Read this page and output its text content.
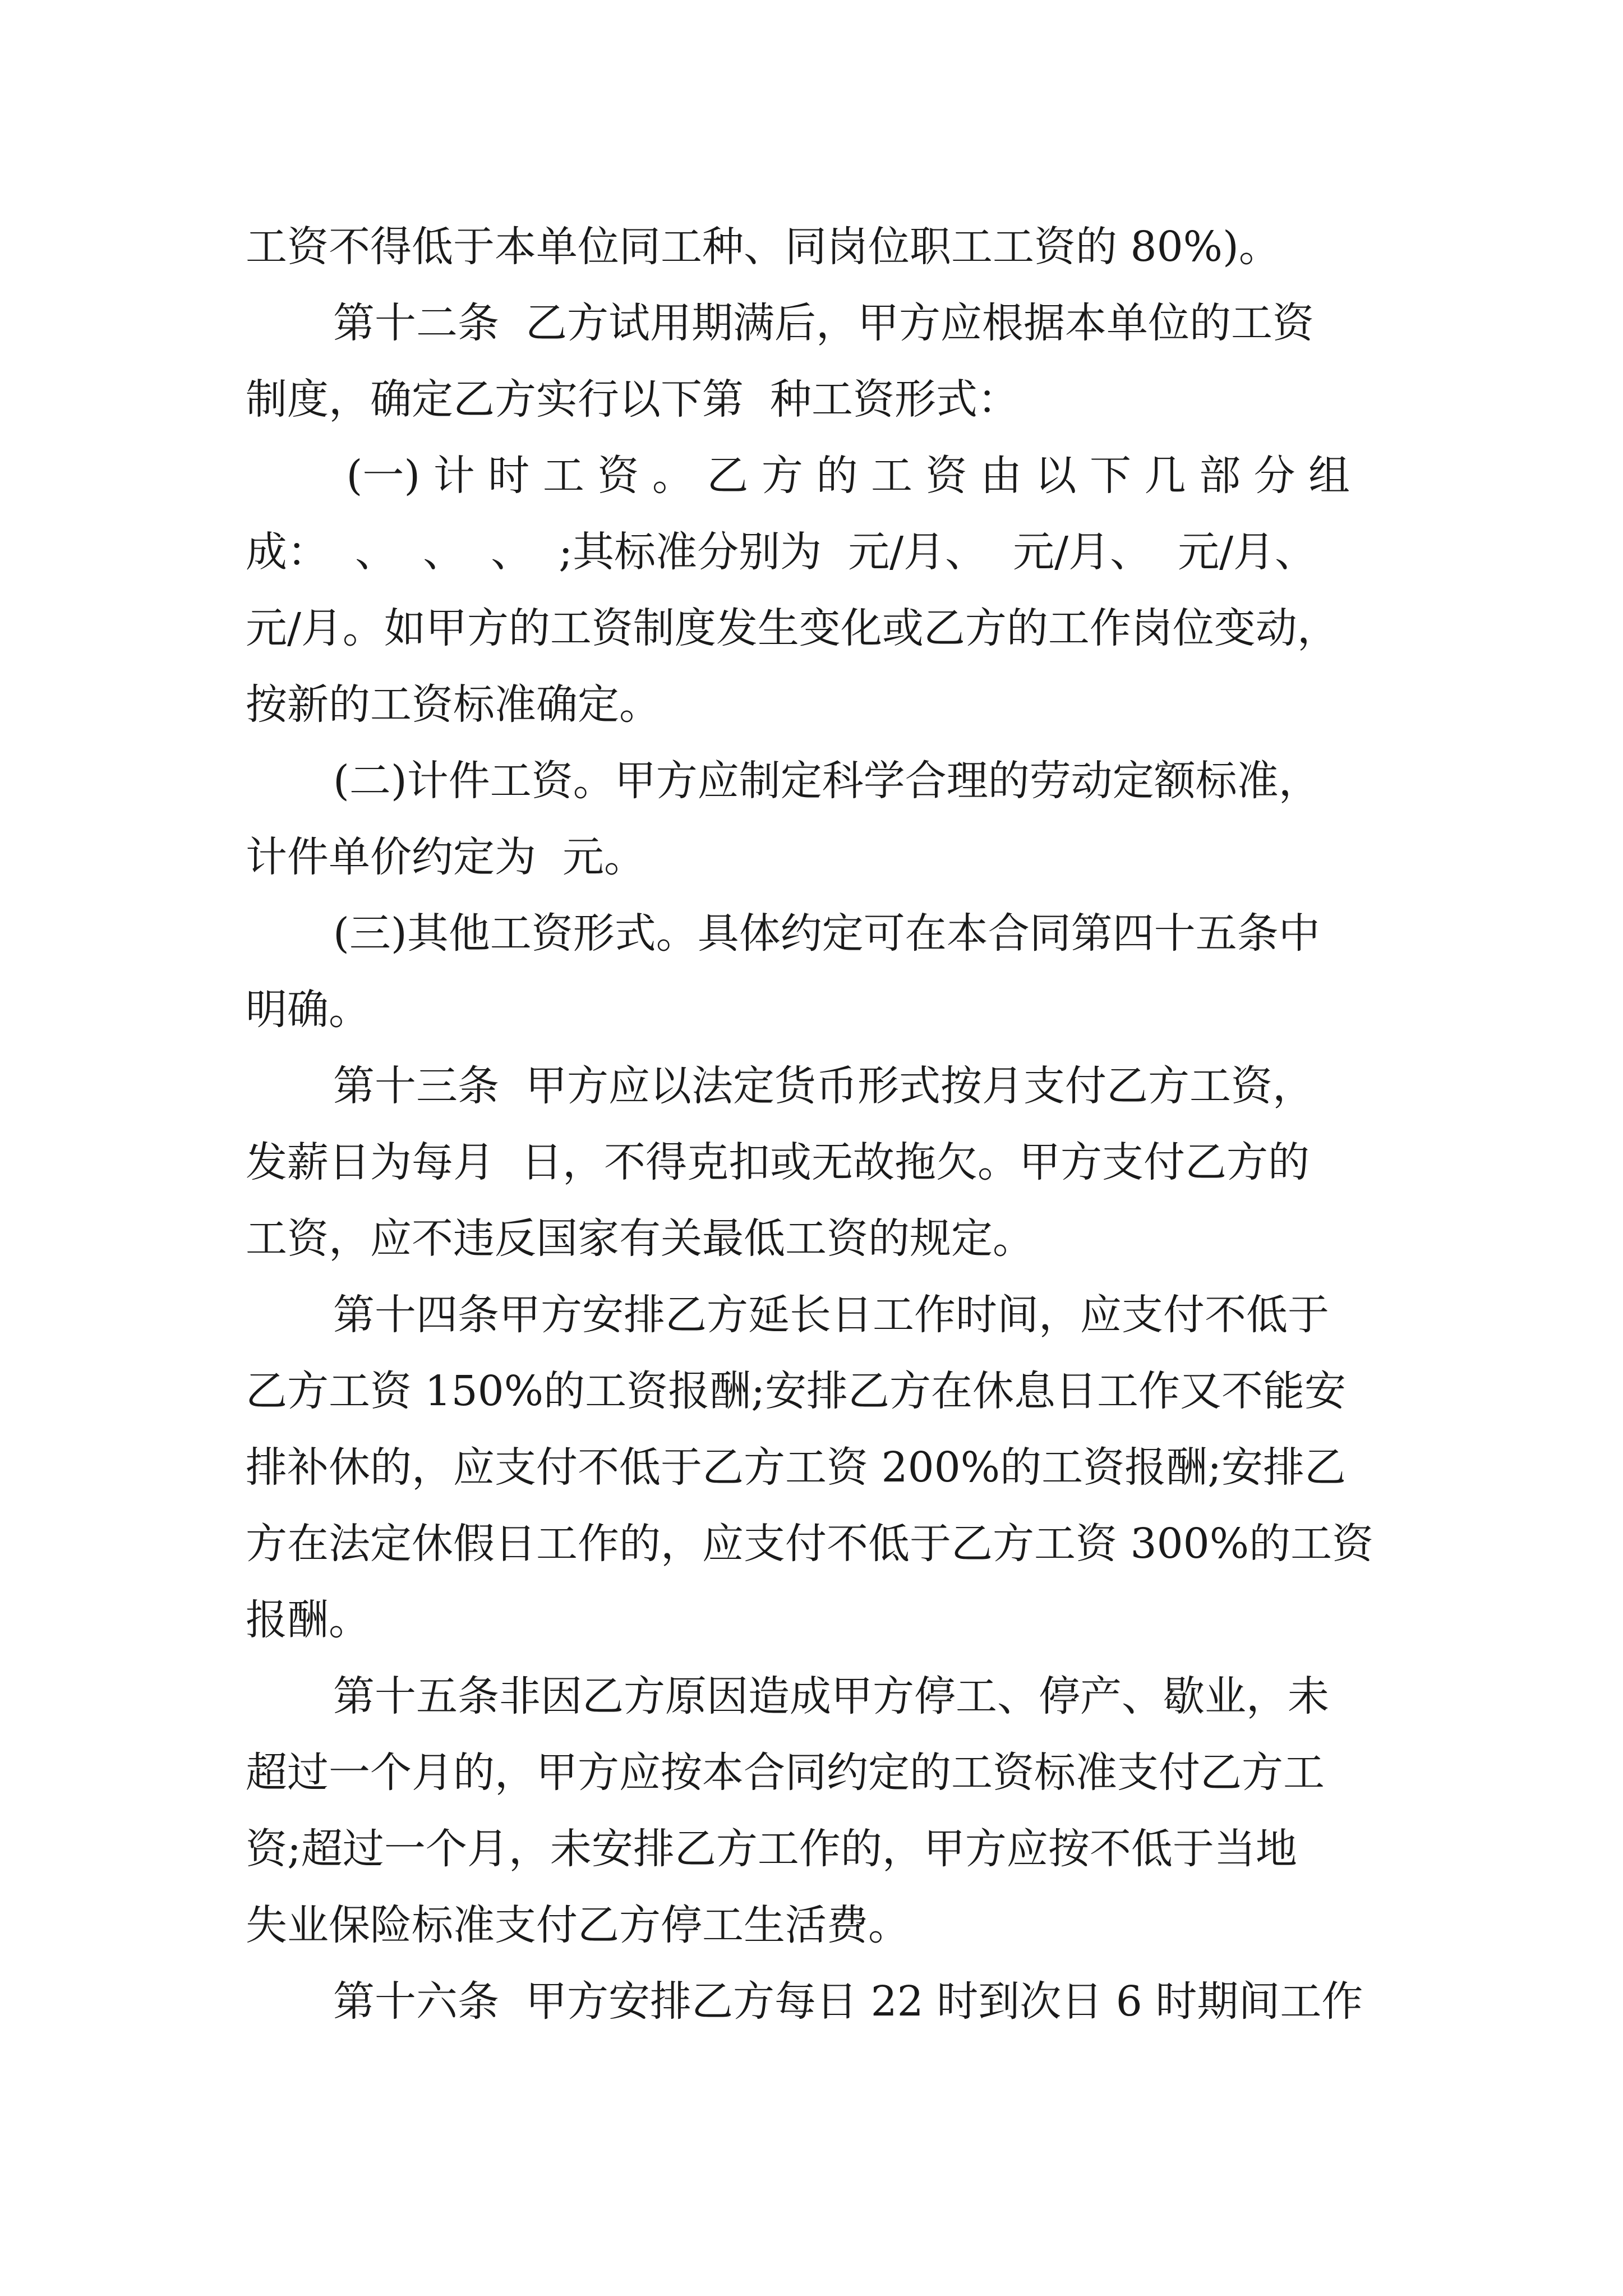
工资不得低于本单位同工种、同岗位职工工资的 80%)。
第十二条  乙方试用期满后，甲方应根据本单位的工资
制度，确定乙方实行以下第  种工资形式：
(一) 计 时 工 资 。 乙 方 的 工 资 由 以 下 几 部 分 组
成：  、  、  、  ;其标准分别为  元/月、  元/月、  元/月、
元/月。如甲方的工资制度发生变化或乙方的工作岗位变动，
按新的工资标准确定。
(二)计件工资。甲方应制定科学合理的劳动定额标准，
计件单价约定为  元。
(三)其他工资形式。具体约定可在本合同第四十五条中
明确。
第十三条  甲方应以法定货币形式按月支付乙方工资，
发薪日为每月  日，不得克扣或无故拖欠。甲方支付乙方的
工资，应不违反国家有关最低工资的规定。
第十四条甲方安排乙方延长日工作时间，应支付不低于
乙方工资 150%的工资报酬;安排乙方在休息日工作又不能安
排补休的，应支付不低于乙方工资 200%的工资报酬;安排乙
方在法定休假日工作的，应支付不低于乙方工资 300%的工资
报酬。
第十五条非因乙方原因造成甲方停工、停产、歇业，未
超过一个月的，甲方应按本合同约定的工资标准支付乙方工
资;超过一个月，未安排乙方工作的，甲方应按不低于当地
失业保险标准支付乙方停工生活费。
第十六条  甲方安排乙方每日 22 时到次日 6 时期间工作
